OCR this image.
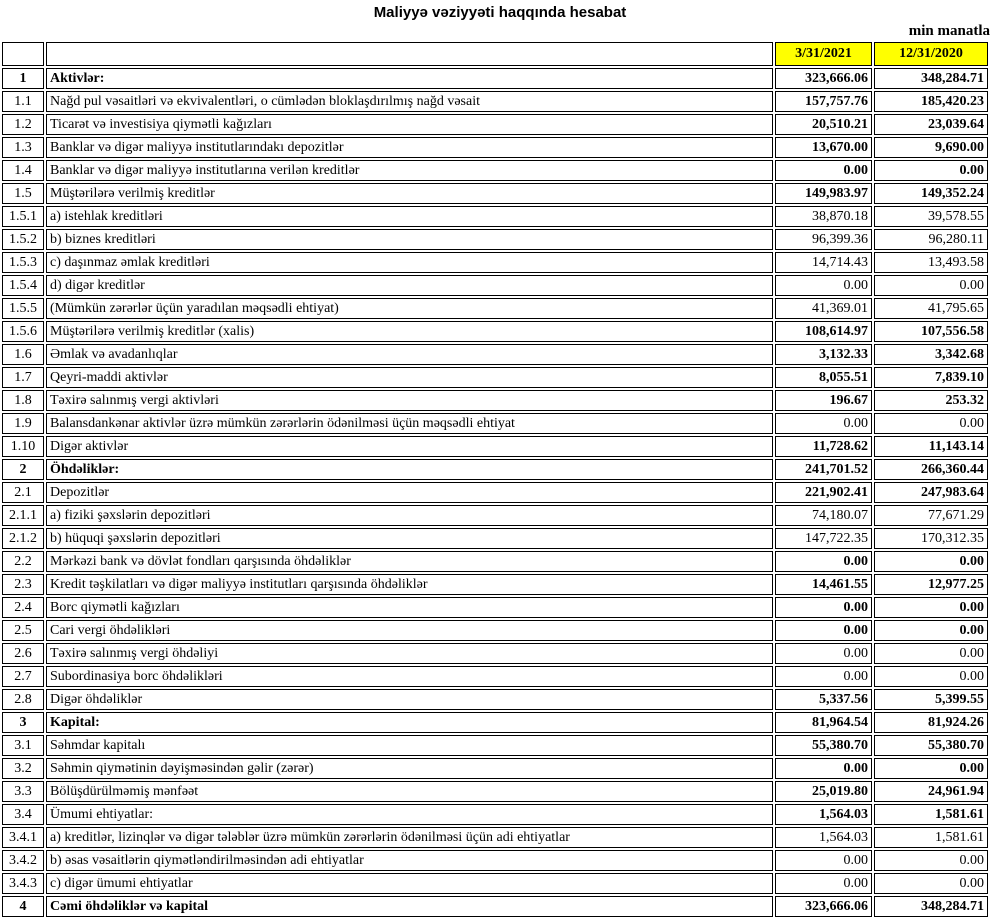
Maliyyə vəziyyəti haqqında hesabat
min manatla
		3/31/2021	12/31/2020
1	Aktivlər:	323,666.06	348,284.71
1.1	Nağd pul vəsaitləri və ekvivalentləri, o cümlədən bloklaşdırılmış nağd vəsait	157,757.76	185,420.23
1.2	Ticarət və investisiya qiymətli kağızları	20,510.21	23,039.64
1.3	Banklar və digər maliyyə institutlarındakı depozitlər	13,670.00	9,690.00
1.4	Banklar və digər maliyyə institutlarına verilən kreditlər	0.00	0.00
1.5	Müştərilərə verilmiş kreditlər	149,983.97	149,352.24
1.5.1	a) istehlak kreditləri	38,870.18	39,578.55
1.5.2	b) biznes kreditləri	96,399.36	96,280.11
1.5.3	c) daşınmaz əmlak kreditləri	14,714.43	13,493.58
1.5.4	d) digər kreditlər	0.00	0.00
1.5.5	(Mümkün zərərlər üçün yaradılan məqsədli ehtiyat)	41,369.01	41,795.65
1.5.6	Müştərilərə verilmiş kreditlər (xalis)	108,614.97	107,556.58
1.6	Əmlak və avadanlıqlar	3,132.33	3,342.68
1.7	Qeyri-maddi aktivlər	8,055.51	7,839.10
1.8	Təxirə salınmış vergi aktivləri	196.67	253.32
1.9	Balansdankənar aktivlər üzrə mümkün zərərlərin ödənilməsi üçün məqsədli ehtiyat	0.00	0.00
1.10	Digər aktivlər	11,728.62	11,143.14
2	Öhdəliklər:	241,701.52	266,360.44
2.1	Depozitlər	221,902.41	247,983.64
2.1.1	a) fiziki şəxslərin depozitləri	74,180.07	77,671.29
2.1.2	b) hüquqi şəxslərin depozitləri	147,722.35	170,312.35
2.2	Mərkəzi bank və dövlət fondları qarşısında öhdəliklər	0.00	0.00
2.3	Kredit təşkilatları və digər maliyyə institutları qarşısında öhdəliklər	14,461.55	12,977.25
2.4	Borc qiymətli kağızları	0.00	0.00
2.5	Cari vergi öhdəlikləri	0.00	0.00
2.6	Təxirə salınmış vergi öhdəliyi	0.00	0.00
2.7	Subordinasiya borc öhdəlikləri	0.00	0.00
2.8	Digər öhdəliklər	5,337.56	5,399.55
3	Kapital:	81,964.54	81,924.26
3.1	Səhmdar kapitalı	55,380.70	55,380.70
3.2	Səhmin qiymətinin dəyişməsindən gəlir (zərər)	0.00	0.00
3.3	Bölüşdürülməmiş mənfəət	25,019.80	24,961.94
3.4	Ümumi ehtiyatlar:	1,564.03	1,581.61
3.4.1	a) kreditlər, lizinqlər və digər tələblər üzrə mümkün zərərlərin ödənilməsi üçün adi ehtiyatlar	1,564.03	1,581.61
3.4.2	b) əsas vəsaitlərin qiymətləndirilməsindən adi ehtiyatlar	0.00	0.00
3.4.3	c) digər ümumi ehtiyatlar	0.00	0.00
4	Cəmi öhdəliklər və kapital	323,666.06	348,284.71
